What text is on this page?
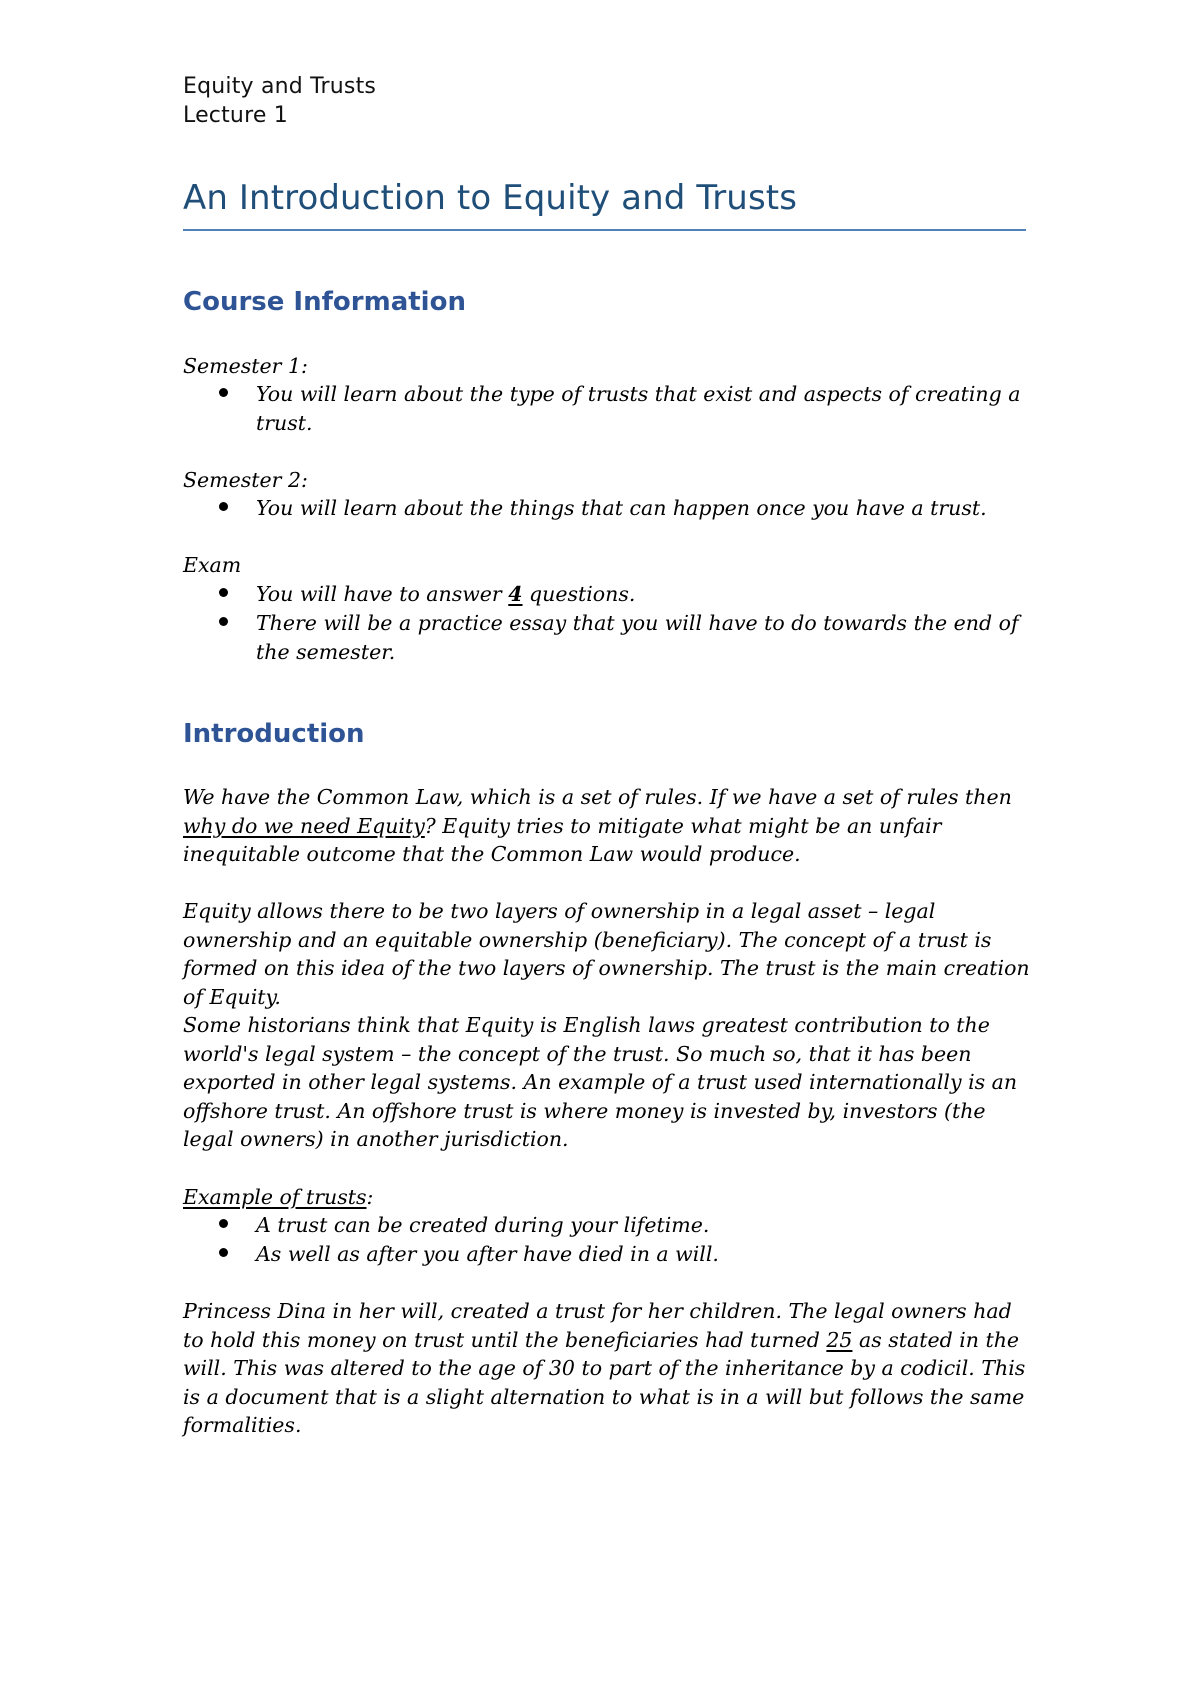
Equity and Trusts
Lecture 1
An Introduction to Equity and Trusts
Course Information

Semester 1:

You will learn about the type of trusts that exist and aspects of creating a trust.

Semester 2:

You will learn about the things that can happen once you have a trust.

Exam

You will have to answer 4 questions.

There will be a practice essay that you will have to do towards the end of the semester.

Introduction

We have the Common Law, which is a set of rules. If we have a set of rules then why do we need Equity? Equity tries to mitigate what might be an unfair inequitable outcome that the Common Law would produce.

Equity allows there to be two layers of ownership in a legal asset – legal ownership and an equitable ownership (beneficiary). The concept of a trust is formed on this idea of the two layers of ownership. The trust is the main creation of Equity.

Some historians think that Equity is English laws greatest contribution to the world's legal system – the concept of the trust. So much so, that it has been exported in other legal systems. An example of a trust used internationally is an offshore trust. An offshore trust is where money is invested by, investors (the legal owners) in another jurisdiction.

Example of trusts:

A trust can be created during your lifetime.

As well as after you after have died in a will.

Princess Dina in her will, created a trust for her children. The legal owners had to hold this money on trust until the beneficiaries had turned 25 as stated in the will. This was altered to the age of 30 to part of the inheritance by a codicil. This is a document that is a slight alternation to what is in a will but follows the same formalities.
